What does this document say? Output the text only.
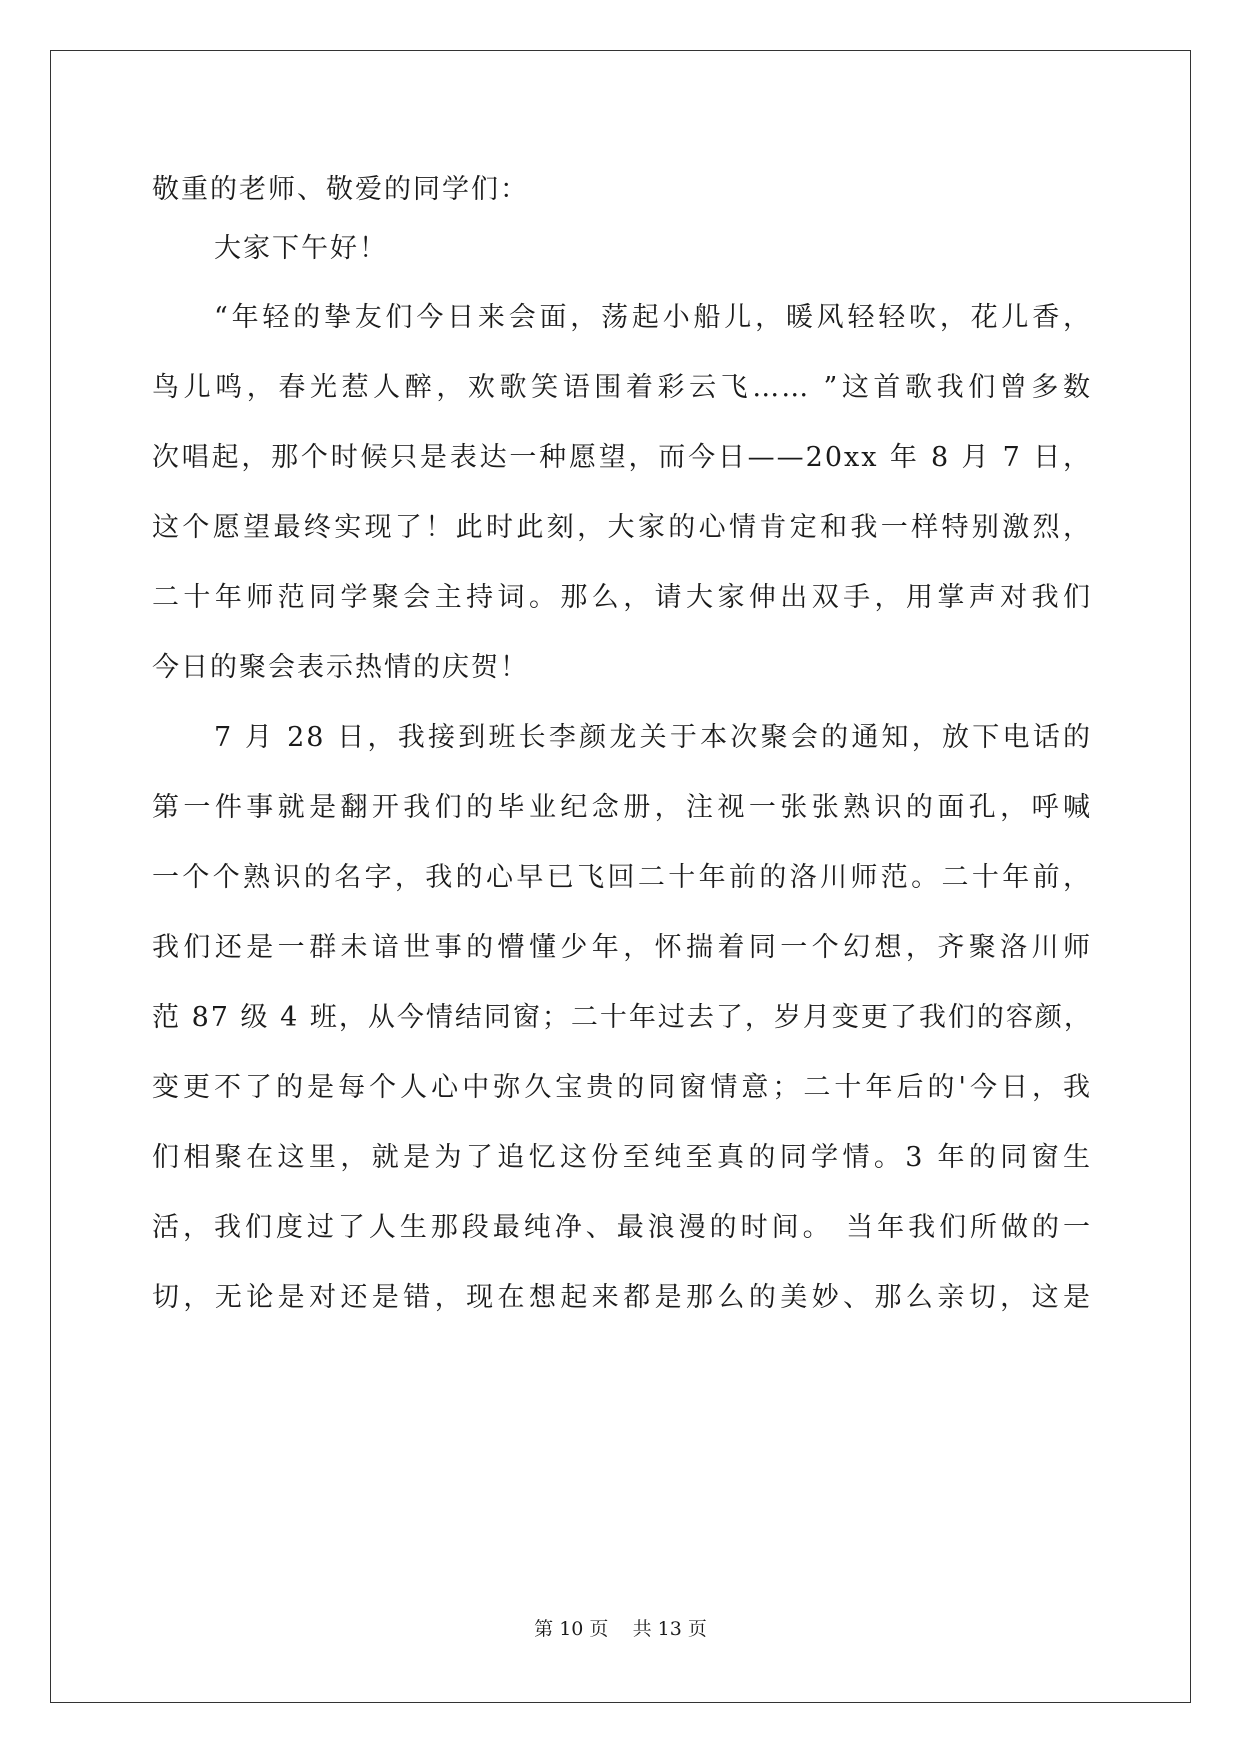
敬重的老师、敬爱的同学们：
大家下午好！
“年轻的挚友们今日来会面，荡起小船儿，暖风轻轻吹，花儿香，
鸟儿鸣，春光惹人醉，欢歌笑语围着彩云飞…… ”这首歌我们曾多数
次唱起，那个时候只是表达一种愿望，而今日——20xx 年 8 月 7 日，
这个愿望最终实现了！此时此刻，大家的心情肯定和我一样特别激烈，
二十年师范同学聚会主持词。那么，请大家伸出双手，用掌声对我们
今日的聚会表示热情的庆贺！
7 月 28 日，我接到班长李颜龙关于本次聚会的通知，放下电话的
第一件事就是翻开我们的毕业纪念册，注视一张张熟识的面孔，呼喊
一个个熟识的名字，我的心早已飞回二十年前的洛川师范。二十年前，
我们还是一群未谙世事的懵懂少年，怀揣着同一个幻想，齐聚洛川师
范 87 级 4 班，从今情结同窗；二十年过去了，岁月变更了我们的容颜，
变更不了的是每个人心中弥久宝贵的同窗情意；二十年后的'今日，我
们相聚在这里，就是为了追忆这份至纯至真的同学情。3 年的同窗生
活，我们度过了人生那段最纯净、最浪漫的时间。 当年我们所做的一
切，无论是对还是错，现在想起来都是那么的美妙、那么亲切，这是
第 10 页    共 13 页
